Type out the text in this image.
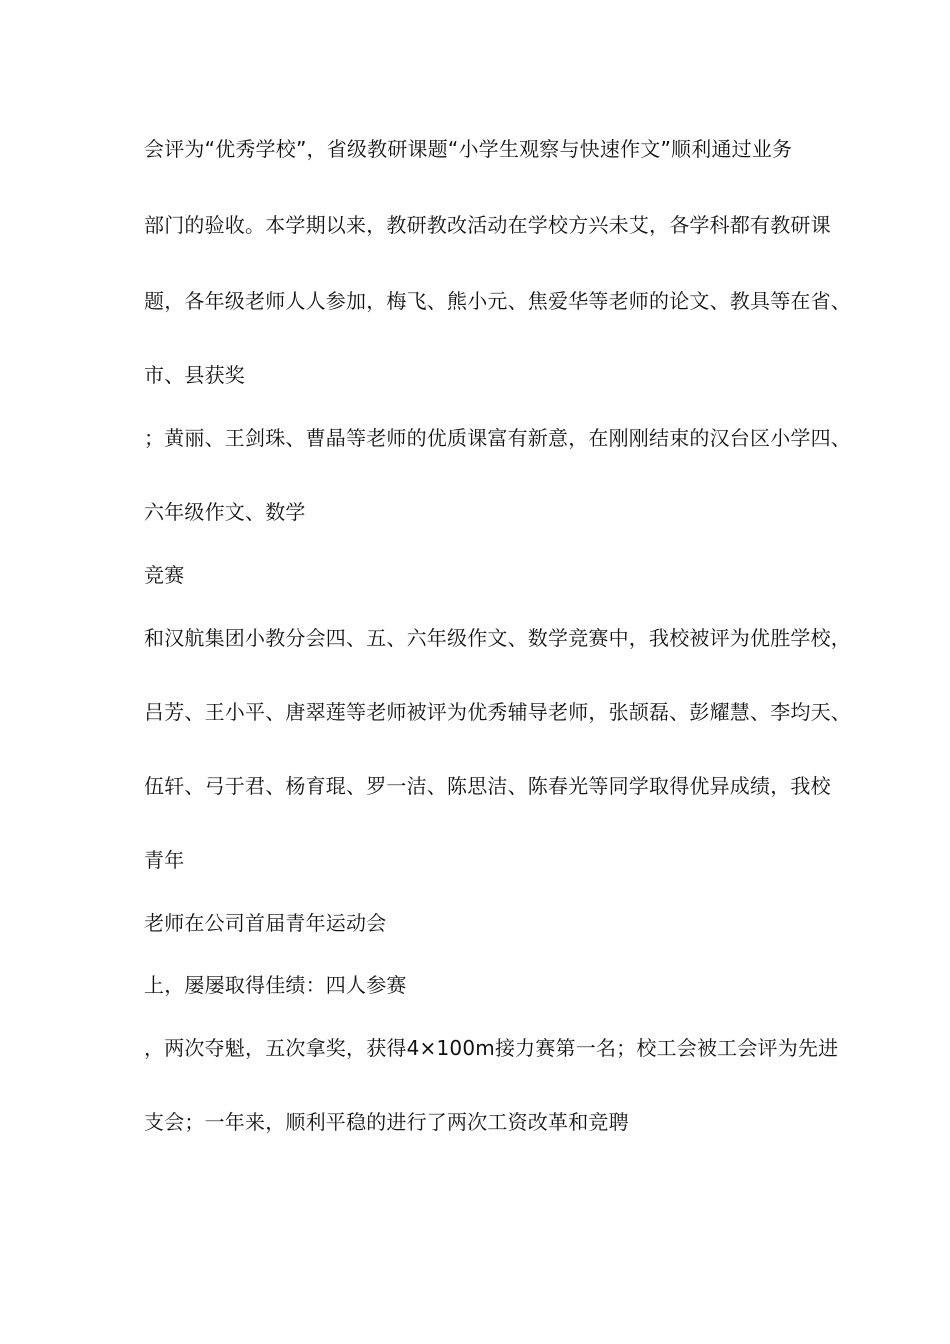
会评为“优秀学校”，省级教研课题“小学生观察与快速作文”顺利通过业务
部门的验收。本学期以来，教研教改活动在学校方兴未艾，各学科都有教研课
题，各年级老师人人参加，梅飞、熊小元、焦爱华等老师的论文、教具等在省、
市、县获奖
；黄丽、王剑珠、曹晶等老师的优质课富有新意，在刚刚结束的汉台区小学四、
六年级作文、数学
竞赛
和汉航集团小教分会四、五、六年级作文、数学竞赛中，我校被评为优胜学校，
吕芳、王小平、唐翠莲等老师被评为优秀辅导老师，张颉磊、彭耀慧、李均天、
伍轩、弓于君、杨育琨、罗一洁、陈思洁、陈春光等同学取得优异成绩，我校
青年
老师在公司首届青年运动会
上，屡屡取得佳绩：四人参赛
，两次夺魁，五次拿奖，获得4×100m接力赛第一名；校工会被工会评为先进
支会；一年来，顺利平稳的进行了两次工资改革和竞聘
